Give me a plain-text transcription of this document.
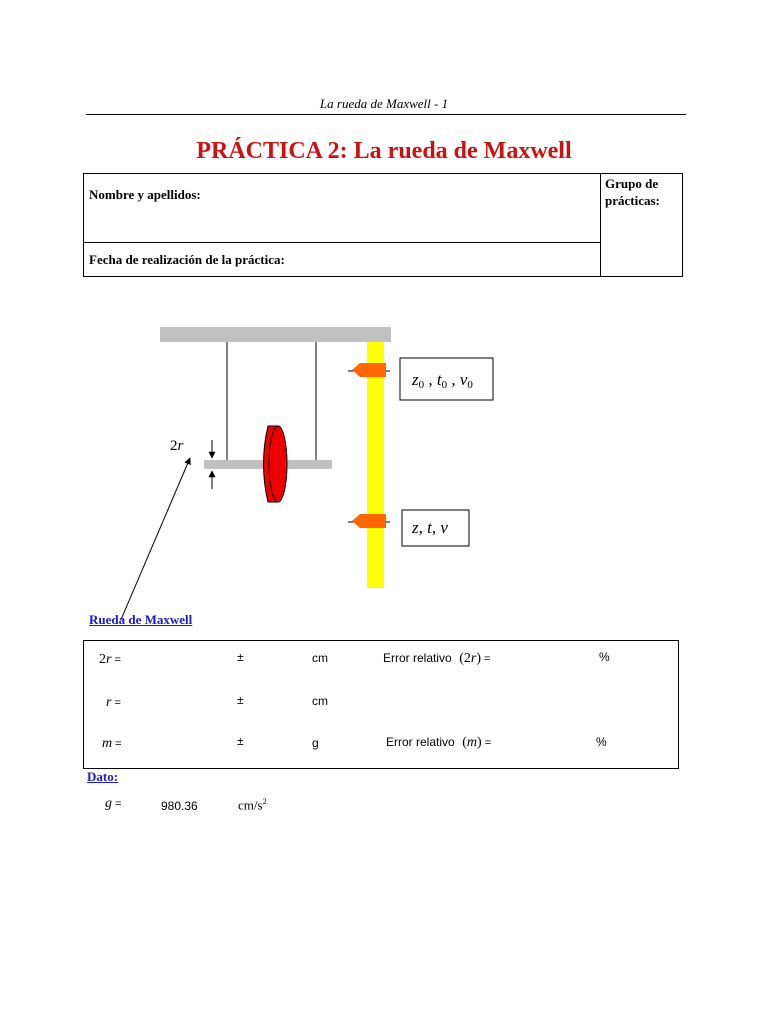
La rueda de Maxwell - 1
PRÁCTICA 2: La rueda de Maxwell
Nombre y apellidos:
Fecha de realización de la práctica:
Grupo de
prácticas:
2r
z0 , t0 , v0
z, t, v
Rueda de Maxwell
2r =	±	cm	Error relativo  (2r) =	%
r =	±	cm
m =	±	g	Error relativo  (m) =	%
Dato:
g =	980.36	$cm/s^2$
